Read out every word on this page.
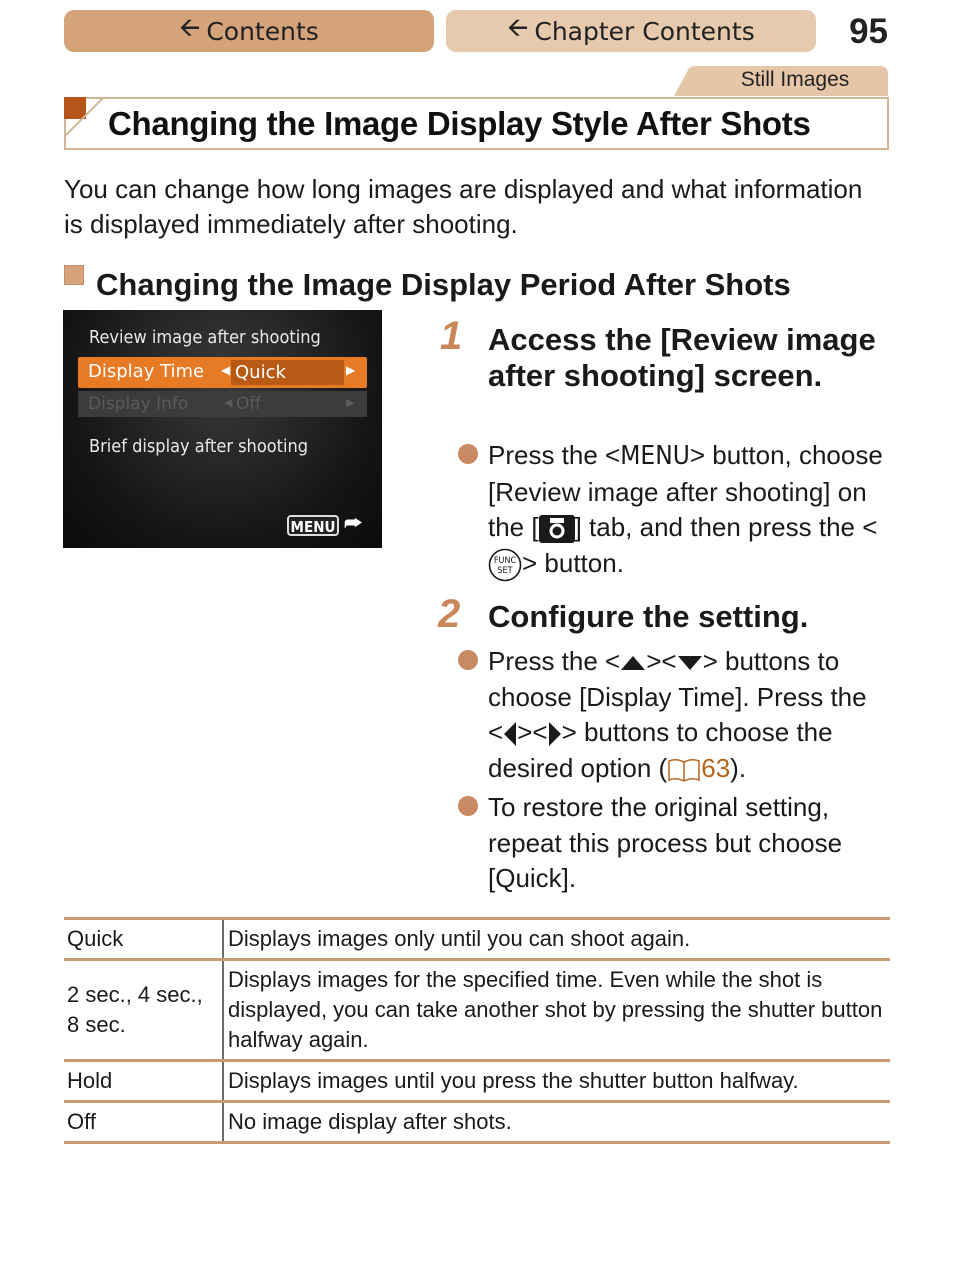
🡨 Contents	🡨 Chapter Contents	95
Still Images
Changing the Image Display Style After Shots

You can change how long images are displayed and what information is displayed immediately after shooting.

Changing the Image Display Period After Shots
Review image after shooting
Display Time ◀ Quick	▶
Display Info	◀ Off	▶
Brief display after shooting
MENU ⮫
1 Access the [Review image after shooting] screen.

Press the <MENU> button, choose [Review image after shooting] on the [ ] tab, and then press the <
FUNC
SET > button.

2 Configure the setting.

Press the < >< > buttons to choose [Display Time]. Press the < >< > buttons to choose the desired option ( 63).

To restore the original setting, repeat this process but choose [Quick].

Quick	Displays images only until you can shoot again.
2 sec., 4 sec., 8 sec.	Displays images for the specified time. Even while the shot is displayed, you can take another shot by pressing the shutter button halfway again.
Hold	Displays images until you press the shutter button halfway.
Off	No image display after shots.
